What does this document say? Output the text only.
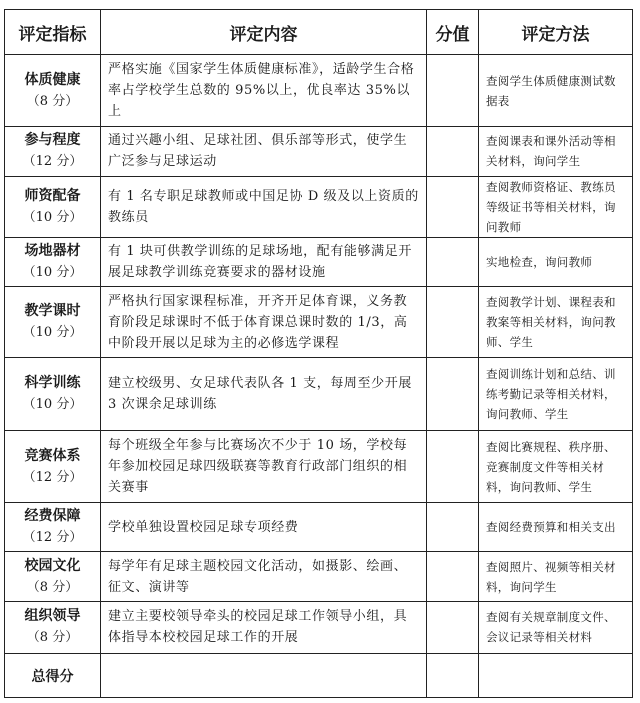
评定指标	评定内容	分值	评定方法

体质健康
（8 分）	严格实施《国家学生体质健康标准》，适龄学生合格率占学校学生总数的 95%以上，优良率达 35%以上		查阅学生体质健康测试数据表

参与程度
（12 分）	通过兴趣小组、足球社团、俱乐部等形式，使学生广泛参与足球运动		查阅课表和课外活动等相关材料，询问学生

师资配备
（10 分）	有 1 名专职足球教师或中国足协 D 级及以上资质的教练员		查阅教师资格证、教练员等级证书等相关材料，询问教师

场地器材
（10 分）	有 1 块可供教学训练的足球场地，配有能够满足开展足球教学训练竞赛要求的器材设施		实地检查，询问教师

教学课时
（10 分）	严格执行国家课程标准，开齐开足体育课，义务教育阶段足球课时不低于体育课总课时数的 1/3，高中阶段开展以足球为主的必修选学课程		查阅教学计划、课程表和教案等相关材料，询问教师、学生

科学训练
（10 分）	建立校级男、女足球代表队各 1 支，每周至少开展 3 次课余足球训练		查阅训练计划和总结、训练考勤记录等相关材料，询问教师、学生

竞赛体系
（12 分）	每个班级全年参与比赛场次不少于 10 场，学校每年参加校园足球四级联赛等教育行政部门组织的相关赛事		查阅比赛规程、秩序册、竞赛制度文件等相关材料，询问教师、学生

经费保障
（12 分）	学校单独设置校园足球专项经费		查阅经费预算和相关支出

校园文化
（8 分）	每学年有足球主题校园文化活动，如摄影、绘画、征文、演讲等		查阅照片、视频等相关材料，询问学生

组织领导
（8 分）	建立主要校领导牵头的校园足球工作领导小组，具体指导本校校园足球工作的开展		查阅有关规章制度文件、会议记录等相关材料
总得分			
